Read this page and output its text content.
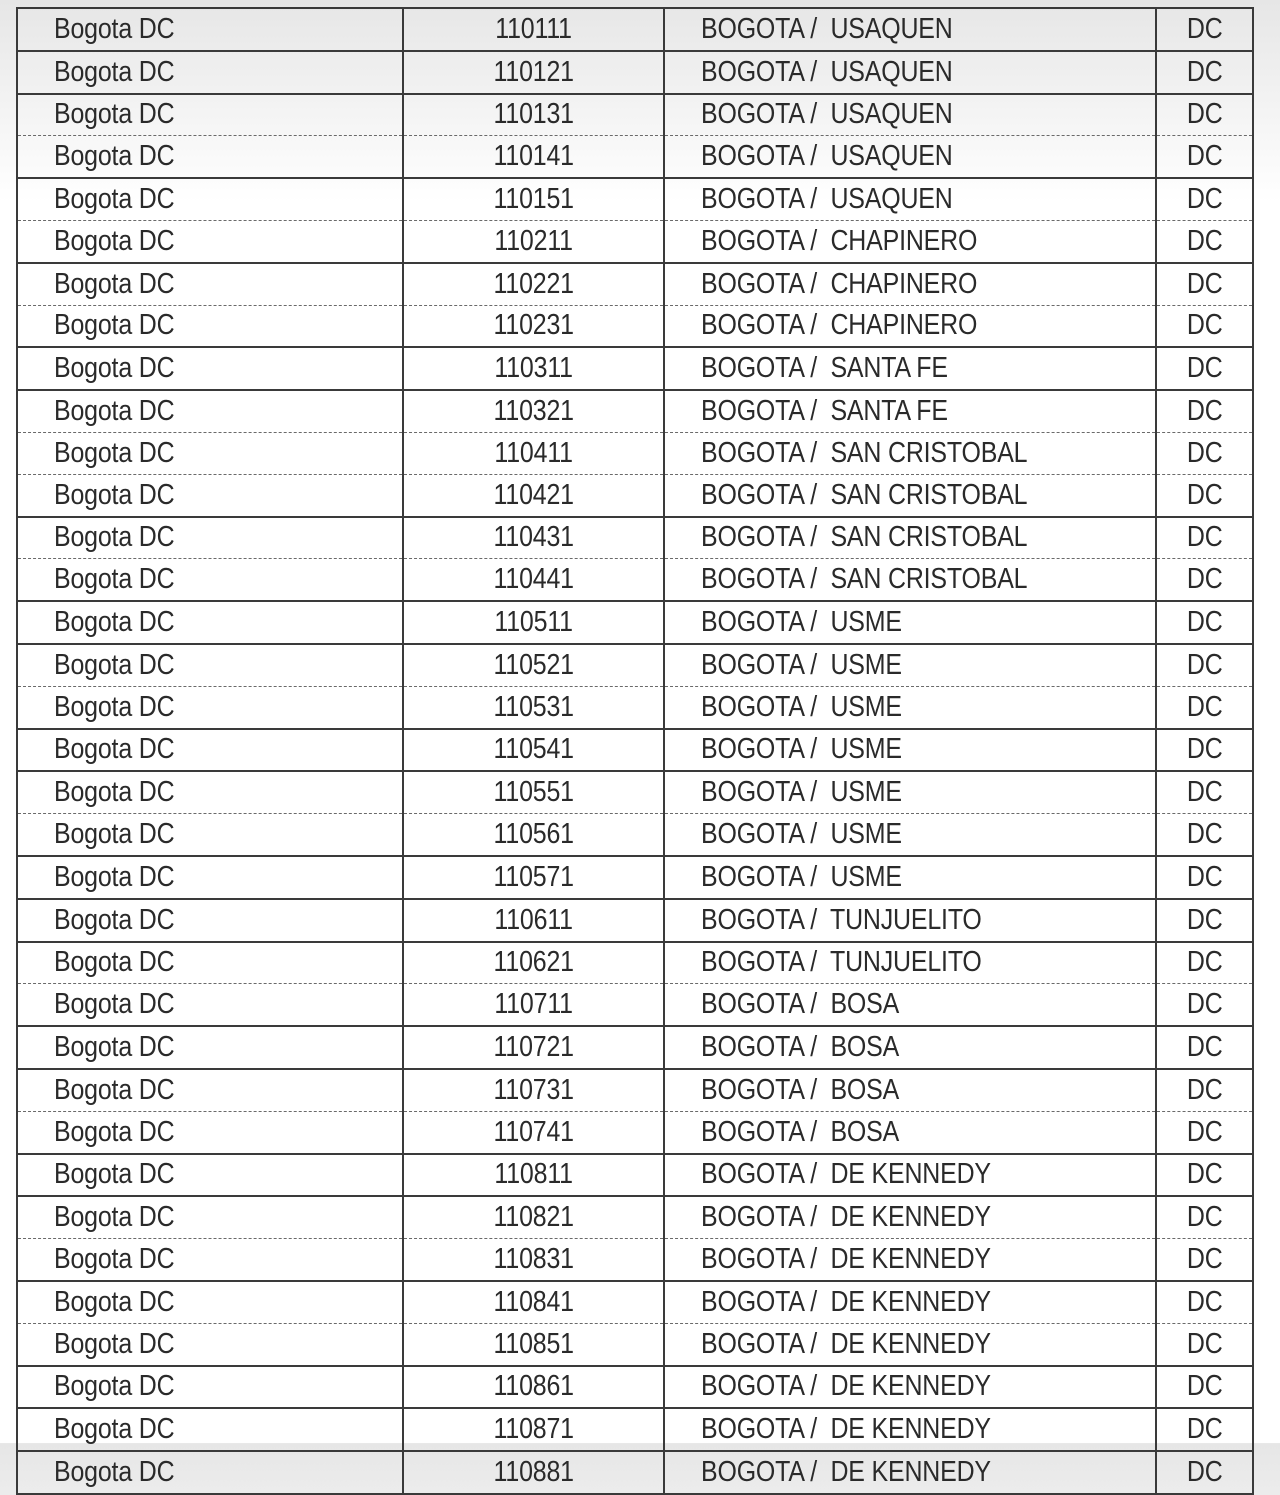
Bogota DC	110111	BOGOTA /  USAQUEN	DC
Bogota DC	110121	BOGOTA /  USAQUEN	DC
Bogota DC	110131	BOGOTA /  USAQUEN	DC
Bogota DC	110141	BOGOTA /  USAQUEN	DC
Bogota DC	110151	BOGOTA /  USAQUEN	DC
Bogota DC	110211	BOGOTA /  CHAPINERO	DC
Bogota DC	110221	BOGOTA /  CHAPINERO	DC
Bogota DC	110231	BOGOTA /  CHAPINERO	DC
Bogota DC	110311	BOGOTA /  SANTA FE	DC
Bogota DC	110321	BOGOTA /  SANTA FE	DC
Bogota DC	110411	BOGOTA /  SAN CRISTOBAL	DC
Bogota DC	110421	BOGOTA /  SAN CRISTOBAL	DC
Bogota DC	110431	BOGOTA /  SAN CRISTOBAL	DC
Bogota DC	110441	BOGOTA /  SAN CRISTOBAL	DC
Bogota DC	110511	BOGOTA /  USME	DC
Bogota DC	110521	BOGOTA /  USME	DC
Bogota DC	110531	BOGOTA /  USME	DC
Bogota DC	110541	BOGOTA /  USME	DC
Bogota DC	110551	BOGOTA /  USME	DC
Bogota DC	110561	BOGOTA /  USME	DC
Bogota DC	110571	BOGOTA /  USME	DC
Bogota DC	110611	BOGOTA /  TUNJUELITO	DC
Bogota DC	110621	BOGOTA /  TUNJUELITO	DC
Bogota DC	110711	BOGOTA /  BOSA	DC
Bogota DC	110721	BOGOTA /  BOSA	DC
Bogota DC	110731	BOGOTA /  BOSA	DC
Bogota DC	110741	BOGOTA /  BOSA	DC
Bogota DC	110811	BOGOTA /  DE KENNEDY	DC
Bogota DC	110821	BOGOTA /  DE KENNEDY	DC
Bogota DC	110831	BOGOTA /  DE KENNEDY	DC
Bogota DC	110841	BOGOTA /  DE KENNEDY	DC
Bogota DC	110851	BOGOTA /  DE KENNEDY	DC
Bogota DC	110861	BOGOTA /  DE KENNEDY	DC
Bogota DC	110871	BOGOTA /  DE KENNEDY	DC
Bogota DC	110881	BOGOTA /  DE KENNEDY	DC
